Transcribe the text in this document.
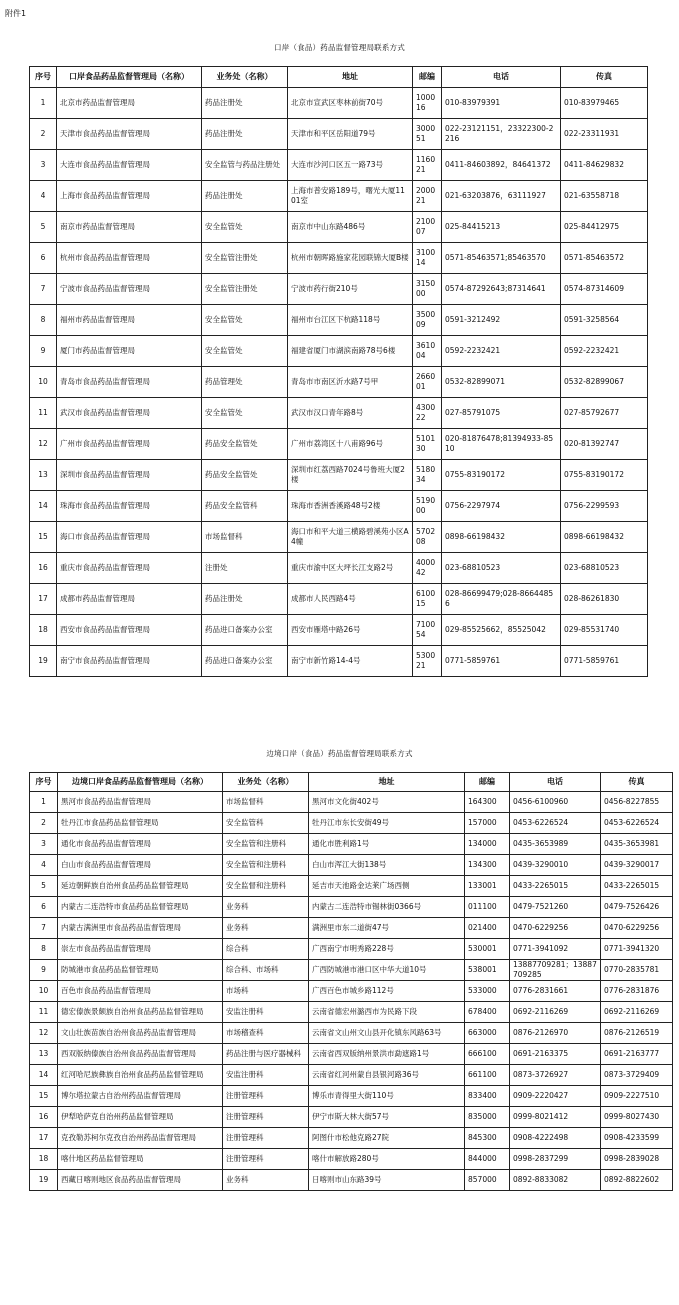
附件1
口岸（食品）药品监督管理局联系方式
序号	口岸食品药品监督管理局（名称）	业务处（名称）	地址	邮编	电话	传真
1	北京市药品监督管理局	药品注册处	北京市宣武区枣林前街70号	100016	010-83979391	010-83979465
2	天津市食品药品监督管理局	药品注册处	天津市和平区岳阳道79号	300051	022-23121151，23322300-2216	022-23311931
3	大连市食品药品监督管理局	安全监管与药品注册处	大连市沙河口区五一路73号	116021	0411-84603892，84641372	0411-84629832
4	上海市食品药品监督管理局	药品注册处	上海市普安路189号，曙光大厦1101室	200021	021-63203876，63111927	021-63558718
5	南京市药品监督管理局	安全监管处	南京市中山东路486号	210007	025-84415213	025-84412975
6	杭州市食品药品监督管理局	安全监管注册处	杭州市朝晖路施家花园联锦大厦B楼	310014	0571-85463571;85463570	0571-85463572
7	宁波市食品药品监督管理局	安全监管注册处	宁波市药行街210号	315000	0574-87292643;87314641	0574-87314609
8	福州市药品监督管理局	安全监管处	福州市台江区下杭路118号	350009	0591-3212492	0591-3258564
9	厦门市药品监督管理局	安全监管处	福建省厦门市湖滨南路78号6楼	361004	0592-2232421	0592-2232421
10	青岛市食品药品监督管理局	药品管理处	青岛市市南区沂水路7号甲	266001	0532-82899071	0532-82899067
11	武汉市食品药品监督管理局	安全监管处	武汉市汉口青年路8号	430022	027-85791075	027-85792677
12	广州市食品药品监督管理局	药品安全监管处	广州市荔湾区十八甫路96号	510130	020-81876478;81394933-8510	020-81392747
13	深圳市食品药品监督管理局	药品安全监管处	深圳市红荔西路7024号鲁班大厦2楼	518034	0755-83190172	0755-83190172
14	珠海市食品药品监督管理局	药品安全监管科	珠海市香洲香溪路48号2楼	519000	0756-2297974	0756-2299593
15	海口市食品药品监督管理局	市场监督科	海口市和平大道三横路碧溪苑小区A4幢	570208	0898-66198432	0898-66198432
16	重庆市食品药品监督管理局	注册处	重庆市渝中区大坪长江支路2号	400042	023-68810523	023-68810523
17	成都市药品监督管理局	药品注册处	成都市人民西路4号	610015	028-86699479;028-86644856	028-86261830
18	西安市食品药品监督管理局	药品进口备案办公室	西安市雁塔中路26号	710054	029-85525662，85525042	029-85531740
19	南宁市食品药品监督管理局	药品进口备案办公室	南宁市新竹路14-4号	530021	0771-5859761	0771-5859761
边境口岸（食品）药品监督管理局联系方式
序号	边境口岸食品药品监督管理局（名称）	业务处（名称）	地址	邮编	电话	传真
1	黑河市食品药品监督管理局	市场监督科	黑河市文化街402号	164300	0456-6100960	0456-8227855
2	牡丹江市食品药品监督管理局	安全监管科	牡丹江市东长安街49号	157000	0453-6226524	0453-6226524
3	通化市食品药品监督管理局	安全监管和注册科	通化市胜利路1号	134000	0435-3653989	0435-3653981
4	白山市食品药品监督管理局	安全监管和注册科	白山市浑江大街138号	134300	0439-3290010	0439-3290017
5	延边朝鲜族自治州食品药品监督管理局	安全监督和注册科	延吉市天池路金达莱广场西侧	133001	0433-2265015	0433-2265015
6	内蒙古二连浩特市食品药品监督管理局	业务科	内蒙古二连浩特市锡林街0366号	011100	0479-7521260	0479-7526426
7	内蒙古满洲里市食品药品监督管理局	业务科	满洲里市东二道街47号	021400	0470-6229256	0470-6229256
8	崇左市食品药品监督管理局	综合科	广西南宁市明秀路228号	530001	0771-3941092	0771-3941320
9	防城港市食品药品监督管理局	综合科、市场科	广西防城港市港口区中华大道10号	538001	13887709281；13887709285	0770-2835781
10	百色市食品药品监督管理局	市场科	广西百色市城乡路112号	533000	0776-2831661	0776-2831876
11	德宏傣族景颇族自治州食品药品监督管理局	安监注册科	云南省德宏州潞西市为民路下段	678400	0692-2116269	0692-2116269
12	文山壮族苗族自治州食品药品监督管理局	市场稽查科	云南省文山州文山县开化镇东风路63号	663000	0876-2126970	0876-2126519
13	西双版纳傣族自治州食品药品监督管理局	药品注册与医疗器械科	云南省西双版纳州景洪市勐遮路1号	666100	0691-2163375	0691-2163777
14	红河哈尼族彝族自治州食品药品监督管理局	安监注册科	云南省红河州蒙自县银河路36号	661100	0873-3726927	0873-3729409
15	博尔塔拉蒙古自治州药品监督管理局	注册管理科	博乐市青得里大街110号	833400	0909-2220427	0909-2227510
16	伊犁哈萨克自治州药品监督管理局	注册管理科	伊宁市斯大林大街57号	835000	0999-8021412	0999-8027430
17	克孜勒苏柯尔克孜自治州药品监督管理局	注册管理科	阿图什市松他克路27院	845300	0908-4222498	0908-4233599
18	喀什地区药品监督管理局	注册管理科	喀什市解放路280号	844000	0998-2837299	0998-2839028
19	西藏日喀则地区食品药品监督管理局	业务科	日喀则市山东路39号	857000	0892-8833082	0892-8822602
